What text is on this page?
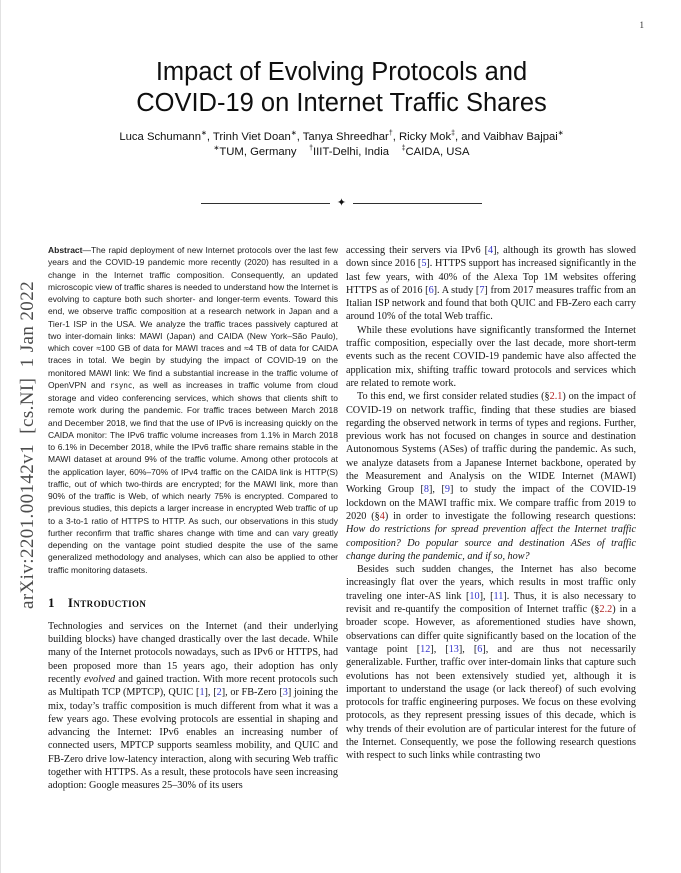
1
arXiv:2201.00142v1  [cs.NI]  1 Jan 2022
Impact of Evolving Protocols and
COVID-19 on Internet Traffic Shares
Luca Schumann∗, Trinh Viet Doan∗, Tanya Shreedhar†, Ricky Mok‡, and Vaibhav Bajpai∗
∗TUM, Germany    †IIIT-Delhi, India    ‡CAIDA, USA
✦

Abstract—The rapid deployment of new Internet protocols over the last few years and the COVID-19 pandemic more recently (2020) has resulted in a change in the Internet traffic composition. Consequently, an updated microscopic view of traffic shares is needed to understand how the Internet is evolving to capture both such shorter- and longer-term events. Toward this end, we observe traffic composition at a research network in Japan and a Tier-1 ISP in the USA. We analyze the traffic traces passively captured at two inter-domain links: MAWI (Japan) and CAIDA (New York–São Paulo), which cover ≈100 GB of data for MAWI traces and ≈4 TB of data for CAIDA traces in total. We begin by studying the impact of COVID-19 on the monitored MAWI link: We find a substantial increase in the traffic volume of OpenVPN and rsync, as well as increases in traffic volume from cloud storage and video conferencing services, which shows that clients shift to remote work during the pandemic. For traffic traces between March 2018 and December 2018, we find that the use of IPv6 is increasing quickly on the CAIDA monitor: The IPv6 traffic volume increases from 1.1% in March 2018 to 6.1% in December 2018, while the IPv6 traffic share remains stable in the MAWI dataset at around 9% of the traffic volume. Among other protocols at the application layer, 60%–70% of IPv4 traffic on the CAIDA link is HTTP(S) traffic, out of which two-thirds are encrypted; for the MAWI link, more than 90% of the traffic is Web, of which nearly 75% is encrypted. Compared to previous studies, this depicts a larger increase in encrypted Web traffic of up to a 3-to-1 ratio of HTTPS to HTTP. As such, our observations in this study further reconfirm that traffic shares change with time and can vary greatly depending on the vantage point studied despite the use of the same generalized methodology and analyses, which can also be applied to other traffic monitoring datasets.

1 Introduction

Technologies and services on the Internet (and their underlying building blocks) have changed drastically over the last decade. While many of the Internet protocols nowadays, such as IPv6 or HTTPS, had been proposed more than 15 years ago, their adoption has only recently evolved and gained traction. With more recent protocols such as Multipath TCP (MPTCP), QUIC [1], [2], or FB-Zero [3] joining the mix, today’s traffic composition is much different from what it was a few years ago. These evolving protocols are essential in shaping and advancing the Internet: IPv6 enables an increasing number of connected users, MPTCP supports seamless mobility, and QUIC and FB-Zero drive low-latency interaction, along with securing Web traffic together with HTTPS. As a result, these protocols have seen increasing adoption: Google measures 25–30% of its users

accessing their servers via IPv6 [4], although its growth has slowed down since 2016 [5]. HTTPS support has increased significantly in the last few years, with 40% of the Alexa Top 1M websites offering HTTPS as of 2016 [6]. A study [7] from 2017 measures traffic from an Italian ISP network and found that both QUIC and FB-Zero each carry around 10% of the total Web traffic.

While these evolutions have significantly transformed the Internet traffic composition, especially over the last decade, more short-term events such as the recent COVID-19 pandemic have also affected the application mix, shifting traffic toward protocols and services which are related to remote work.

To this end, we first consider related studies (§2.1) on the impact of COVID-19 on network traffic, finding that these studies are biased regarding the observed network in terms of types and regions. Further, previous work has not focused on changes in source and destination Autonomous Systems (ASes) of traffic during the pandemic. As such, we analyze datasets from a Japanese Internet backbone, operated by the Measurement and Analysis on the WIDE Internet (MAWI) Working Group [8], [9] to study the impact of the COVID-19 lockdown on the MAWI traffic mix. We compare traffic from 2019 to 2020 (§4) in order to investigate the following research questions: How do restrictions for spread prevention affect the Internet traffic composition? Do popular source and destination ASes of traffic change during the pandemic, and if so, how?

Besides such sudden changes, the Internet has also become increasingly flat over the years, which results in most traffic only traveling one inter-AS link [10], [11]. Thus, it is also necessary to revisit and re-quantify the composition of Internet traffic (§2.2) in a broader scope. However, as aforementioned studies have shown, observations can differ quite significantly based on the location of the vantage point [12], [13], [6], and are thus not necessarily generalizable. Further, traffic over inter-domain links that capture such evolutions has not been extensively studied yet, although it is important to understand the usage (or lack thereof) of such evolving protocols for traffic engineering purposes. We focus on these evolving protocols, as they represent pressing issues of this decade, which is why trends of their evolution are of particular interest for the future of the Internet. Consequently, we pose the following research questions with respect to such links while contrasting two
